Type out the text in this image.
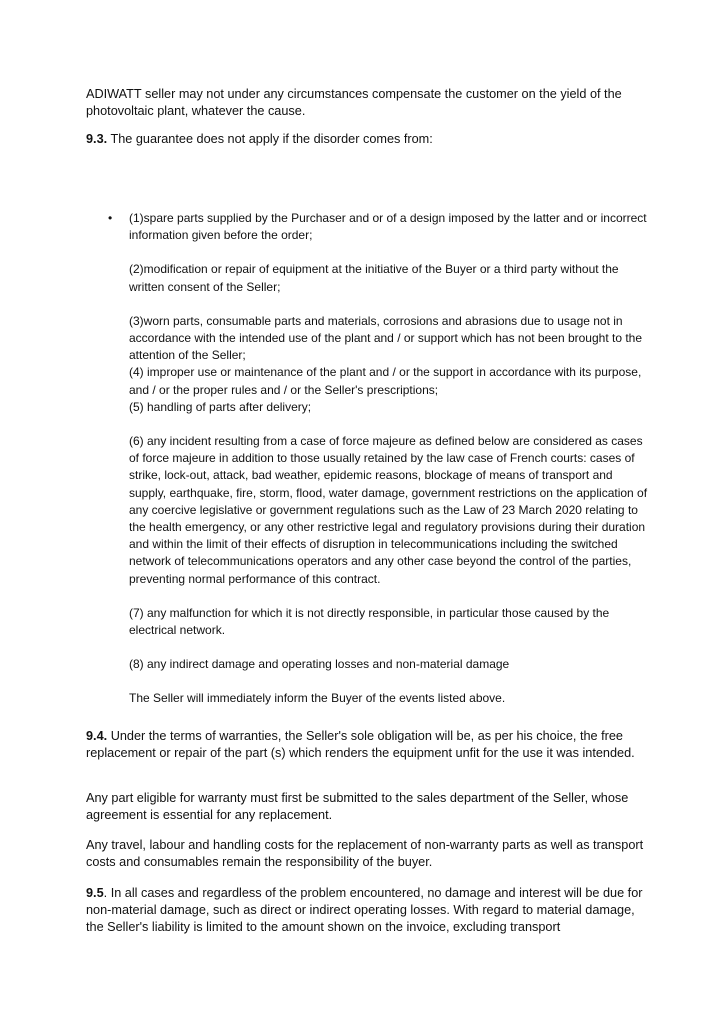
ADIWATT seller may not under any circumstances compensate the customer on the yield of the photovoltaic plant, whatever the cause.
9.3. The guarantee does not apply if the disorder comes from:
• (1)spare parts supplied by the Purchaser and or of a design imposed by the latter and or incorrect information given before the order;

(2)modification or repair of equipment at the initiative of the Buyer or a third party without the written consent of the Seller;

(3)worn parts, consumable parts and materials, corrosions and abrasions due to usage not in accordance with the intended use of the plant and / or support which has not been brought to the attention of the Seller;

(4) improper use or maintenance of the plant and / or the support in accordance with its purpose, and / or the proper rules and / or the Seller's prescriptions;

(5) handling of parts after delivery;

(6) any incident resulting from a case of force majeure as defined below are considered as cases of force majeure in addition to those usually retained by the law case of French courts: cases of strike, lock-out, attack, bad weather, epidemic reasons, blockage of means of transport and supply, earthquake, fire, storm, flood, water damage, government restrictions on the application of any coercive legislative or government regulations such as the Law of 23 March 2020 relating to the health emergency, or any other restrictive legal and regulatory provisions during their duration and within the limit of their effects of disruption in telecommunications including the switched network of telecommunications operators and any other case beyond the control of the parties, preventing normal performance of this contract.

(7) any malfunction for which it is not directly responsible, in particular those caused by the electrical network.

(8) any indirect damage and operating losses and non-material damage

The Seller will immediately inform the Buyer of the events listed above.

9.4. Under the terms of warranties, the Seller's sole obligation will be, as per his choice, the free replacement or repair of the part (s) which renders the equipment unfit for the use it was intended.
Any part eligible for warranty must first be submitted to the sales department of the Seller, whose agreement is essential for any replacement.
Any travel, labour and handling costs for the replacement of non-warranty parts as well as transport costs and consumables remain the responsibility of the buyer.
9.5. In all cases and regardless of the problem encountered, no damage and interest will be due for non-material damage, such as direct or indirect operating losses. With regard to material damage, the Seller's liability is limited to the amount shown on the invoice, excluding transport
